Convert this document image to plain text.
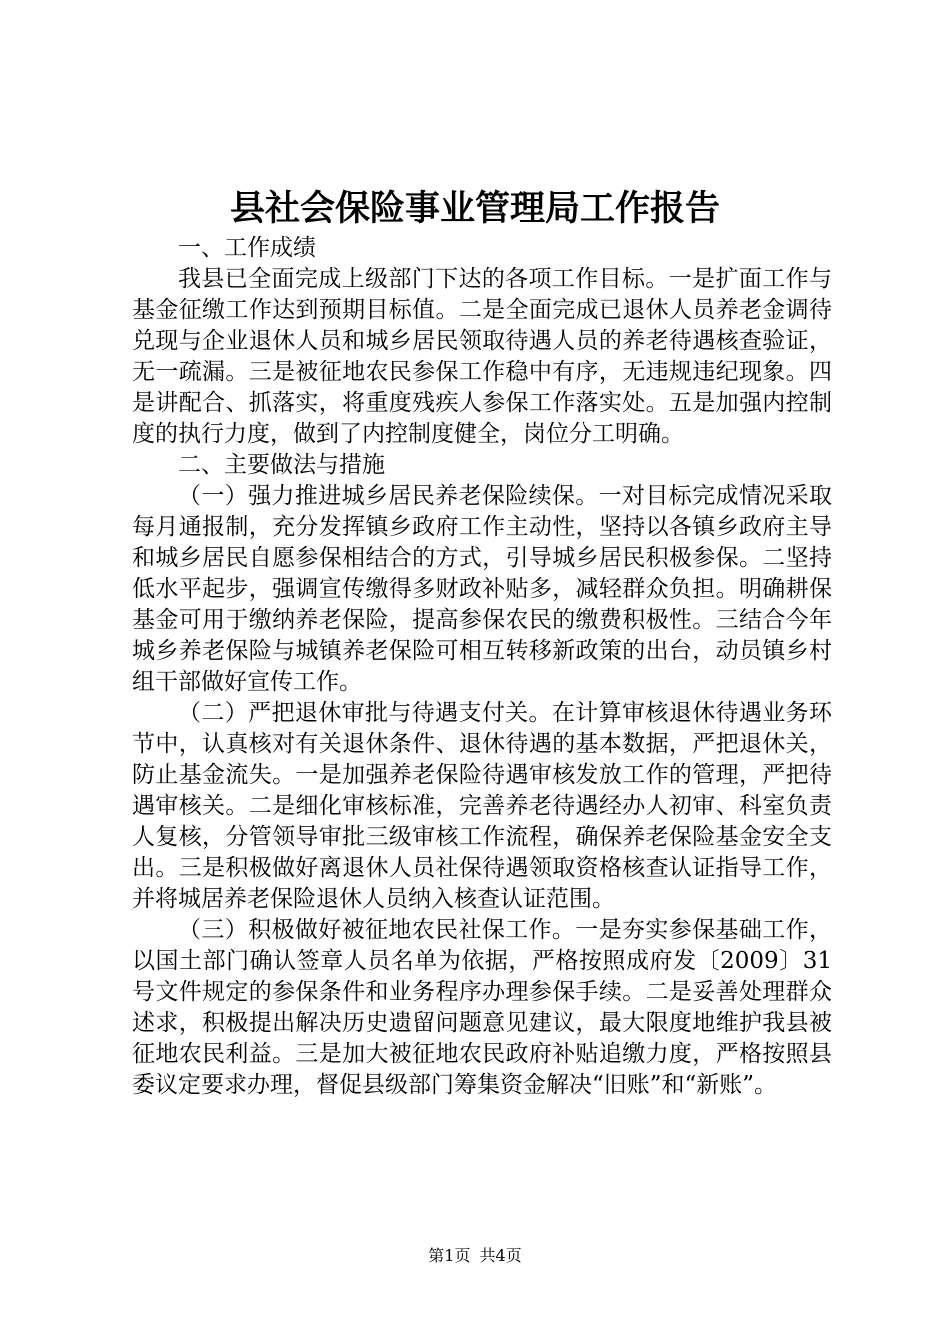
县社会保险事业管理局工作报告

一、工作成绩

我县已全面完成上级部门下达的各项工作目标。一是扩面工作与基金征缴工作达到预期目标值。二是全面完成已退休人员养老金调待兑现与企业退休人员和城乡居民领取待遇人员的养老待遇核查验证，无一疏漏。三是被征地农民参保工作稳中有序，无违规违纪现象。四是讲配合、抓落实，将重度残疾人参保工作落实处。五是加强内控制度的执行力度，做到了内控制度健全，岗位分工明确。

二、主要做法与措施

（一）强力推进城乡居民养老保险续保。一对目标完成情况采取每月通报制，充分发挥镇乡政府工作主动性，坚持以各镇乡政府主导和城乡居民自愿参保相结合的方式，引导城乡居民积极参保。二坚持低水平起步，强调宣传缴得多财政补贴多，减轻群众负担。明确耕保基金可用于缴纳养老保险，提高参保农民的缴费积极性。三结合今年城乡养老保险与城镇养老保险可相互转移新政策的出台，动员镇乡村组干部做好宣传工作。

（二）严把退休审批与待遇支付关。在计算审核退休待遇业务环节中，认真核对有关退休条件、退休待遇的基本数据，严把退休关，防止基金流失。一是加强养老保险待遇审核发放工作的管理，严把待遇审核关。二是细化审核标准，完善养老待遇经办人初审、科室负责人复核，分管领导审批三级审核工作流程，确保养老保险基金安全支出。三是积极做好离退休人员社保待遇领取资格核查认证指导工作，并将城居养老保险退休人员纳入核查认证范围。

（三）积极做好被征地农民社保工作。一是夯实参保基础工作，以国土部门确认签章人员名单为依据，严格按照成府发〔2009〕31号文件规定的参保条件和业务程序办理参保手续。二是妥善处理群众述求，积极提出解决历史遗留问题意见建议，最大限度地维护我县被征地农民利益。三是加大被征地农民政府补贴追缴力度，严格按照县委议定要求办理，督促县级部门筹集资金解决“旧账”和“新账”。

第1页 共4页
